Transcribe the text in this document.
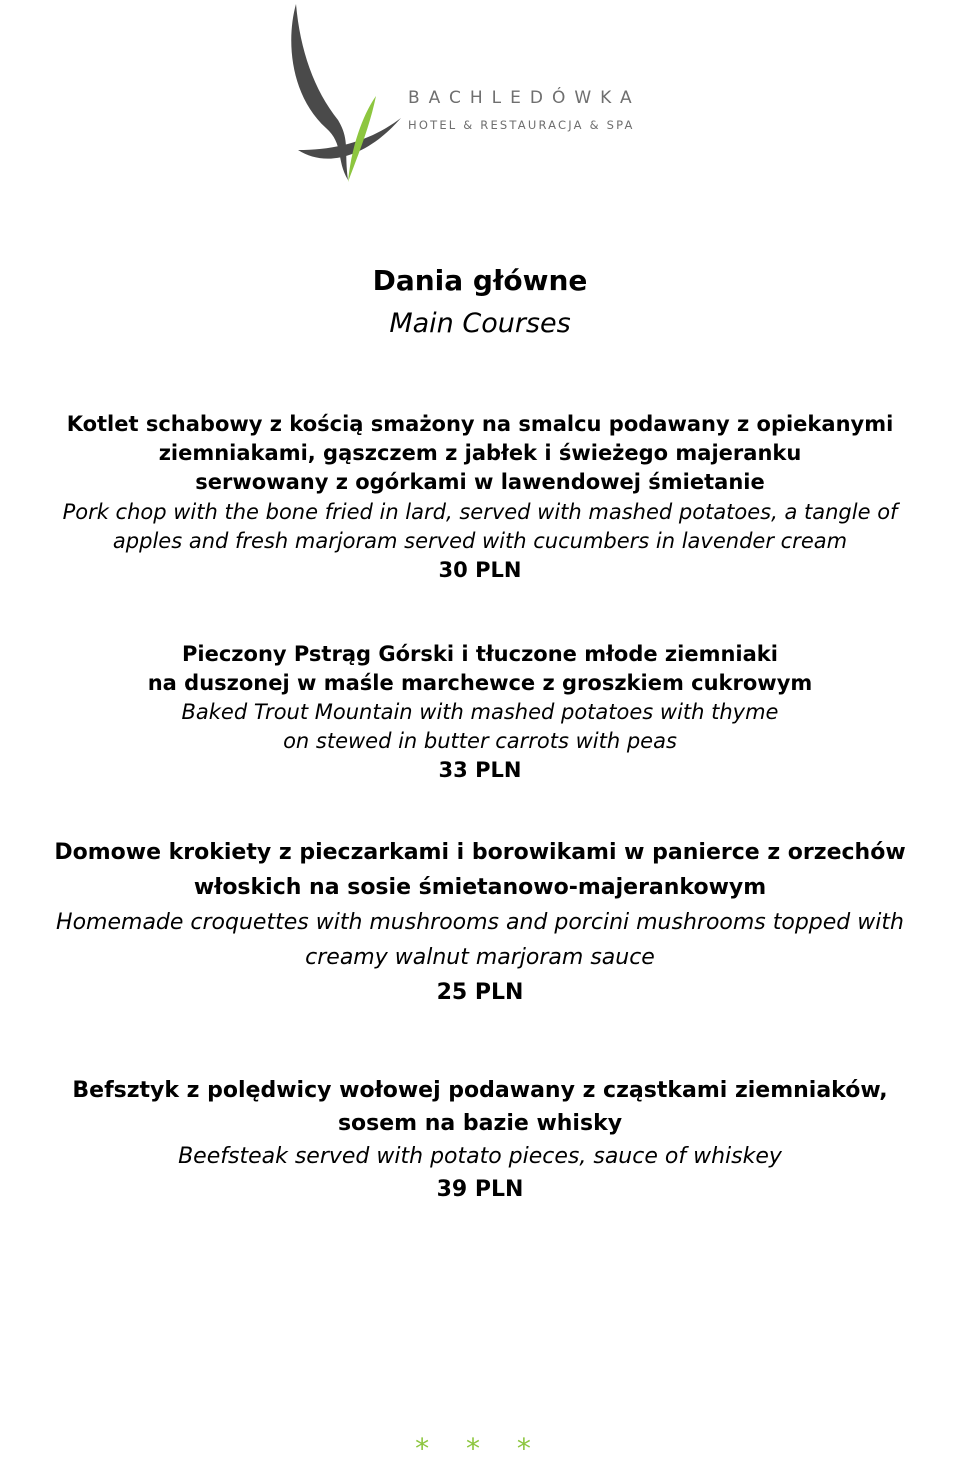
BACHLEDÓWKA
HOTEL & RESTAURACJA & SPA
Dania główne
Main Courses
Kotlet schabowy z kością smażony na smalcu podawany z opiekanymi
ziemniakami, gąszczem z jabłek i świeżego majeranku
serwowany z ogórkami w lawendowej śmietanie
Pork chop with the bone fried in lard, served with mashed potatoes, a tangle of
apples and fresh marjoram served with cucumbers in lavender cream
30 PLN
Pieczony Pstrąg Górski i tłuczone młode ziemniaki
na duszonej w maśle marchewce z groszkiem cukrowym
Baked Trout Mountain with mashed potatoes with thyme
on stewed in butter carrots with peas
33 PLN
Domowe krokiety z pieczarkami i borowikami w panierce z orzechów
włoskich na sosie śmietanowo-majerankowym
Homemade croquettes with mushrooms and porcini mushrooms topped with
creamy walnut marjoram sauce
25 PLN
Befsztyk z polędwicy wołowej podawany z cząstkami ziemniaków,
sosem na bazie whisky
Beefsteak served with potato pieces, sauce of whiskey
39 PLN
* * *
